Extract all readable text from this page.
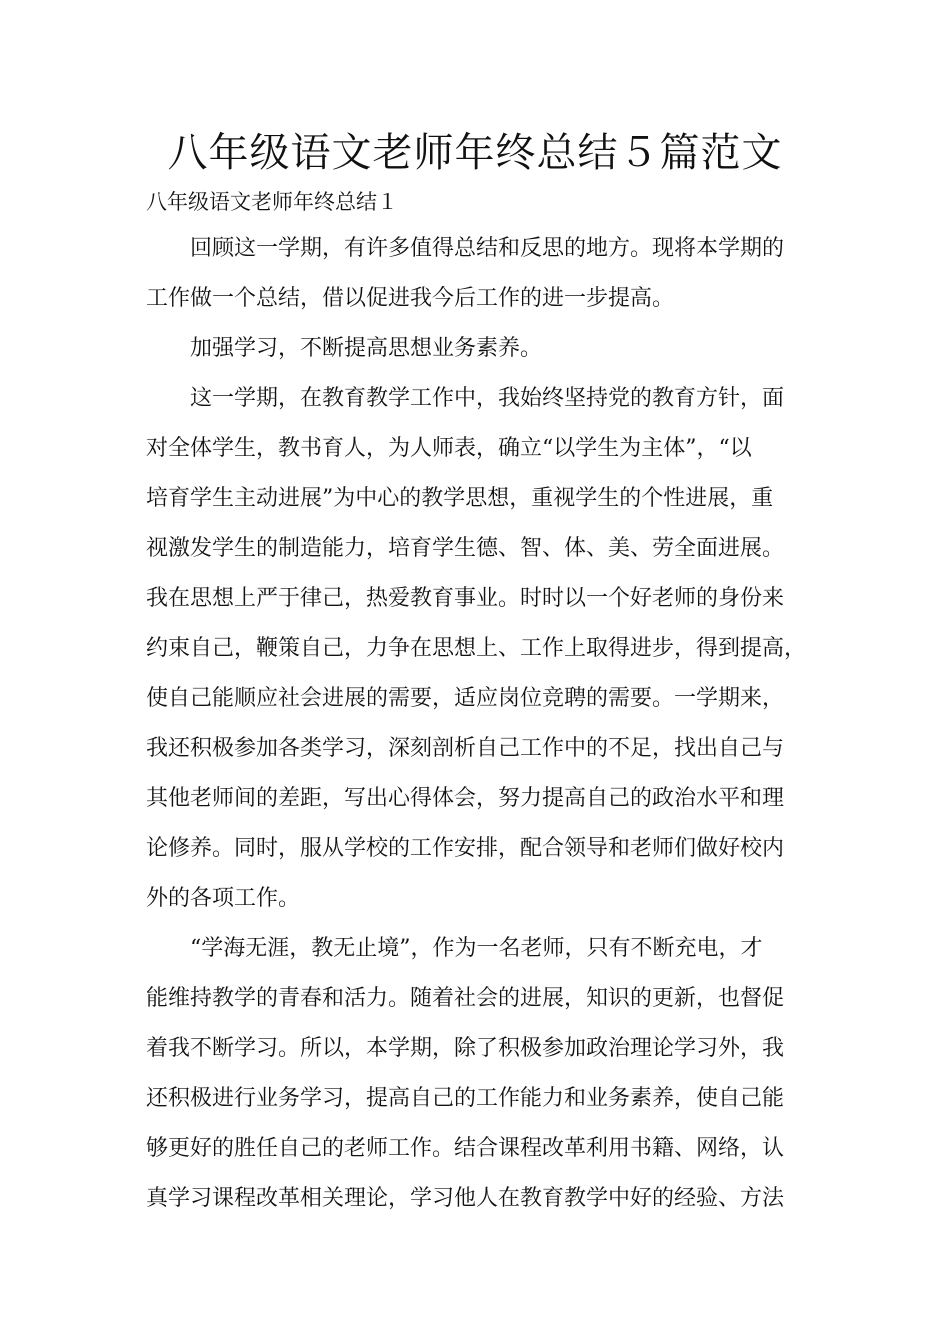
八年级语文老师年终总结５篇范文
八年级语文老师年终总结１
回顾这一学期，有许多值得总结和反思的地方。现将本学期的
工作做一个总结，借以促进我今后工作的进一步提高。
加强学习，不断提高思想业务素养。
这一学期，在教育教学工作中，我始终坚持党的教育方针，面
对全体学生，教书育人，为人师表，确立“以学生为主体”，“以
培育学生主动进展”为中心的教学思想，重视学生的个性进展，重
视激发学生的制造能力，培育学生德、智、体、美、劳全面进展。
我在思想上严于律己，热爱教育事业。时时以一个好老师的身份来
约束自己，鞭策自己，力争在思想上、工作上取得进步，得到提高，
使自己能顺应社会进展的需要，适应岗位竞聘的需要。一学期来，
我还积极参加各类学习，深刻剖析自己工作中的不足，找出自己与
其他老师间的差距，写出心得体会，努力提高自己的政治水平和理
论修养。同时，服从学校的工作安排，配合领导和老师们做好校内
外的各项工作。
“学海无涯，教无止境”，作为一名老师，只有不断充电，才
能维持教学的青春和活力。随着社会的进展，知识的更新，也督促
着我不断学习。所以，本学期，除了积极参加政治理论学习外，我
还积极进行业务学习，提高自己的工作能力和业务素养，使自己能
够更好的胜任自己的老师工作。结合课程改革利用书籍、网络，认
真学习课程改革相关理论，学习他人在教育教学中好的经验、方法
